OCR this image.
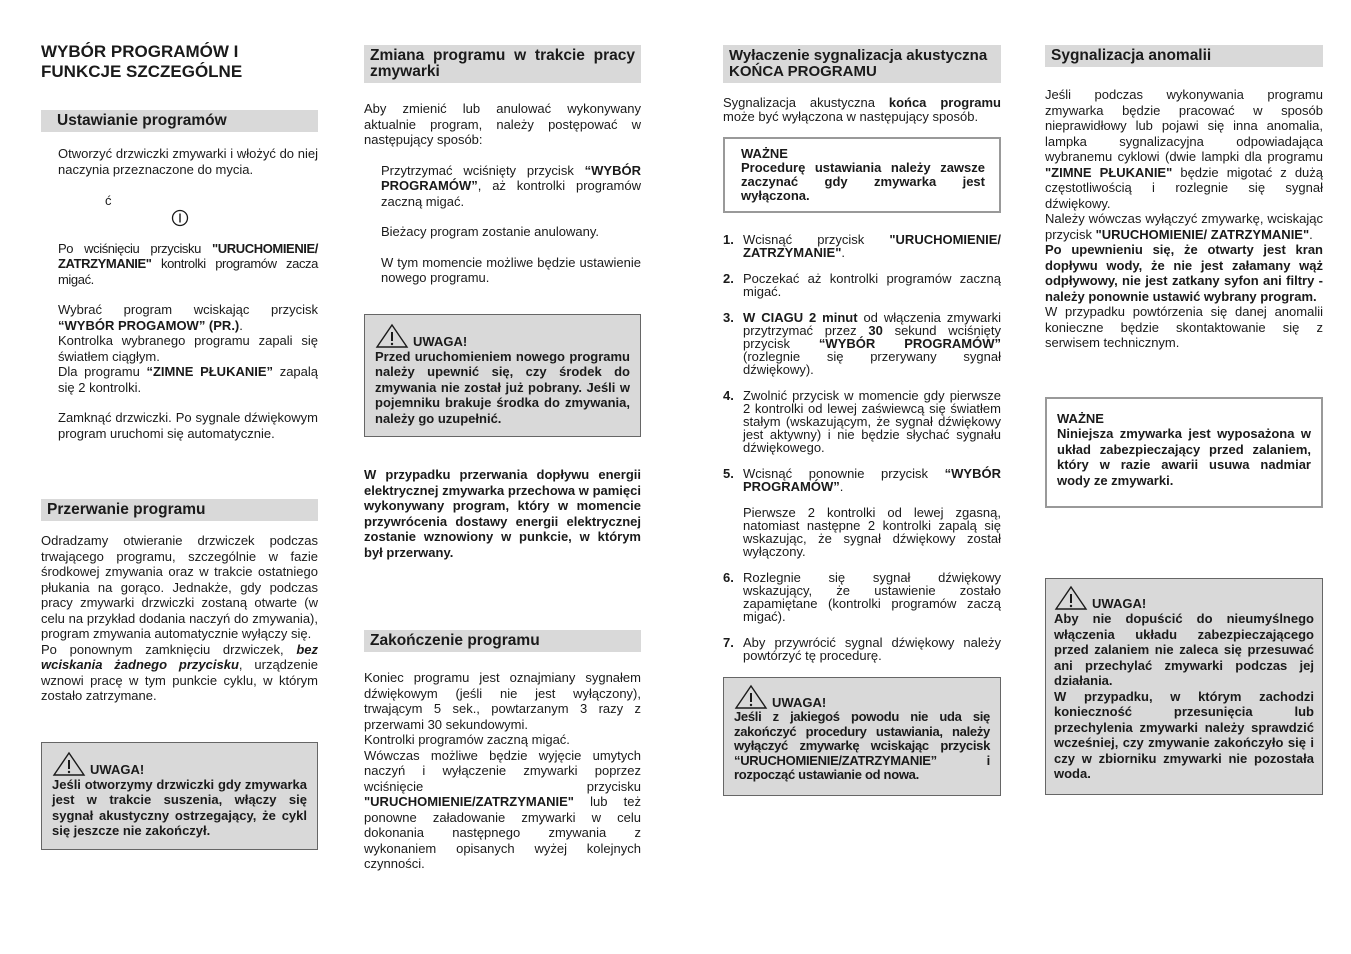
WYBÓR PROGRAMÓW I
FUNKCJE SZCZEGÓLNE
Ustawianie programów

Otworzyć drzwiczki zmywarki i włożyć do niej naczynia przeznaczone do mycia.

ć

Po wciśnięciu przycisku "URUCHOMIENIE/ ZATRZYMANIE" kontrolki programów zacza migać.

Wybrać program wciskając przycisk “WYBÓR PROGAMOW” (PR.).

Kontrolka wybranego programu zapali się światłem ciągłym.

Dla programu “ZIMNE PŁUKANIE” zapalą się 2 kontrolki.

Zamknąć drzwiczki. Po sygnale dźwiękowym program uruchomi się automatycznie.

Przerwanie programu

Odradzamy otwieranie drzwiczek podczas trwającego programu, szczególnie w fazie środkowej zmywania oraz w trakcie ostatniego płukania na gorąco. Jednakże, gdy podczas pracy zmywarki drzwiczki zostaną otwarte (w celu na przykład dodania naczyń do zmywania), program zmywania automatycznie wyłączy się.

Po ponownym zamknięciu drzwiczek, bez wciskania żadnego przycisku, urządzenie wznowi pracę w tym punkcie cyklu, w którym zostało zatrzymane.

UWAGA!
Jeśli otworzymy drzwiczki gdy zmywarka jest w trakcie suszenia, włączy się sygnał akustyczny ostrzegający, że cykl się jeszcze nie zakończył.
Zmiana programu w trakcie pracy zmywarki

Aby zmienić lub anulować wykonywany aktualnie program, należy postępować w następujący sposób:

Przytrzymać wciśnięty przycisk “WYBÓR PROGRAMÓW”, aż kontrolki programów zaczną migać.

Bieżacy program zostanie anulowany.

W tym momencie możliwe będzie ustawienie nowego programu.

UWAGA!
Przed uruchomieniem nowego programu należy upewnić się, czy środek do zmywania nie został już pobrany. Jeśli w pojemniku brakuje środka do zmywania, należy go uzupełnić.

W przypadku przerwania dopływu energii elektrycznej zmywarka przechowa w pamięci wykonywany program, który w momencie przywrócenia dostawy energii elektrycznej zostanie wznowiony w punkcie, w którym był przerwany.

Zakończenie programu

Koniec programu jest oznajmiany sygnałem dźwiękowym (jeśli nie jest wyłączony), trwającym 5 sek., powtarzanym 3 razy z przerwami 30 sekundowymi.

Kontrolki programów zaczną migać.

Wówczas możliwe będzie wyjęcie umytych naczyń i wyłączenie zmywarki poprzez wciśnięcie przycisku "URUCHOMIENIE/ZATRZYMANIE" lub też ponowne załadowanie zmywarki w celu dokonania następnego zmywania z wykonaniem opisanych wyżej kolejnych czynności.

Wyłaczenie sygnalizacja akustyczna KOŃCA PROGRAMU

Sygnalizacja akustyczna końca programu może być wyłączona w następujący sposób.

WAŻNE
Procedurę ustawiania należy zawsze zaczynać gdy zmywarka jest wyłączona.
1. Wcisnąć przycisk "URUCHOMIENIE/ ZATRZYMANIE".
2. Poczekać aż kontrolki programów zaczną migać.
3. W CIAGU 2 minut od włączenia zmywarki przytrzymać przez 30 sekund wciśnięty przycisk “WYBÓR PROGRAMÓW” (rozlegnie się przerywany sygnał dźwiękowy).
4. Zwolnić przycisk w momencie gdy pierwsze 2 kontrolki od lewej zaświewcą się światłem stałym (wskazującym, że sygnał dźwiękowy jest aktywny) i nie będzie słychać sygnału dźwiękowego.
5. Wcisnąć ponownie przycisk “WYBÓR PROGRAMÓW”.
Pierwsze 2 kontrolki od lewej zgasną, natomiast następne 2 kontrolki zapalą się wskazując, że sygnał dźwiękowy został wyłączony.
6. Rozlegnie się sygnał dźwiękowy wskazujący, że ustawienie zostało zapamiętane (kontrolki programów zaczą migać).
7. Aby przywrócić sygnal dźwiękowy należy powtórzyć tę procedurę.
UWAGA!
Jeśli z jakiegoś powodu nie uda się zakończyć procedury ustawiania, należy wyłączyć zmywarkę wciskając przycisk “URUCHOMIENIE/ZATRZYMANIE” i rozpocząć ustawianie od nowa.
Sygnalizacja anomalii

Jeśli podczas wykonywania programu zmywarka będzie pracować w sposób nieprawidłowy lub pojawi się inna anomalia, lampka sygnalizacyjna odpowiadająca wybranemu cyklowi (dwie lampki dla programu "ZIMNE PŁUKANIE" będzie migotać z dużą częstotliwością i rozlegnie się sygnał dźwiękowy.

Należy wówczas wyłączyć zmywarkę, wciskając przycisk "URUCHOMIENIE/ ZATRZYMANIE".

Po upewnieniu się, że otwarty jest kran dopływu wody, że nie jest załamany wąż odpływowy, nie jest zatkany syfon ani filtry - należy ponownie ustawić wybrany program.

W przypadku powtórzenia się danej anomalii konieczne będzie skontaktowanie się z serwisem technicznym.

WAŻNE
Niniejsza zmywarka jest wyposażona w układ zabezpieczający przed zalaniem, który w razie awarii usuwa nadmiar wody ze zmywarki.
UWAGA!
Aby nie dopuścić do nieumyślnego włączenia układu zabezpieczającego przed zalaniem nie zaleca się przesuwać ani przechylać zmywarki podczas jej działania.
W przypadku, w którym zachodzi konieczność przesunięcia lub przechylenia zmywarki należy sprawdzić wcześniej, czy zmywanie zakończyło się i czy w zbiorniku zmywarki nie pozostała woda.
